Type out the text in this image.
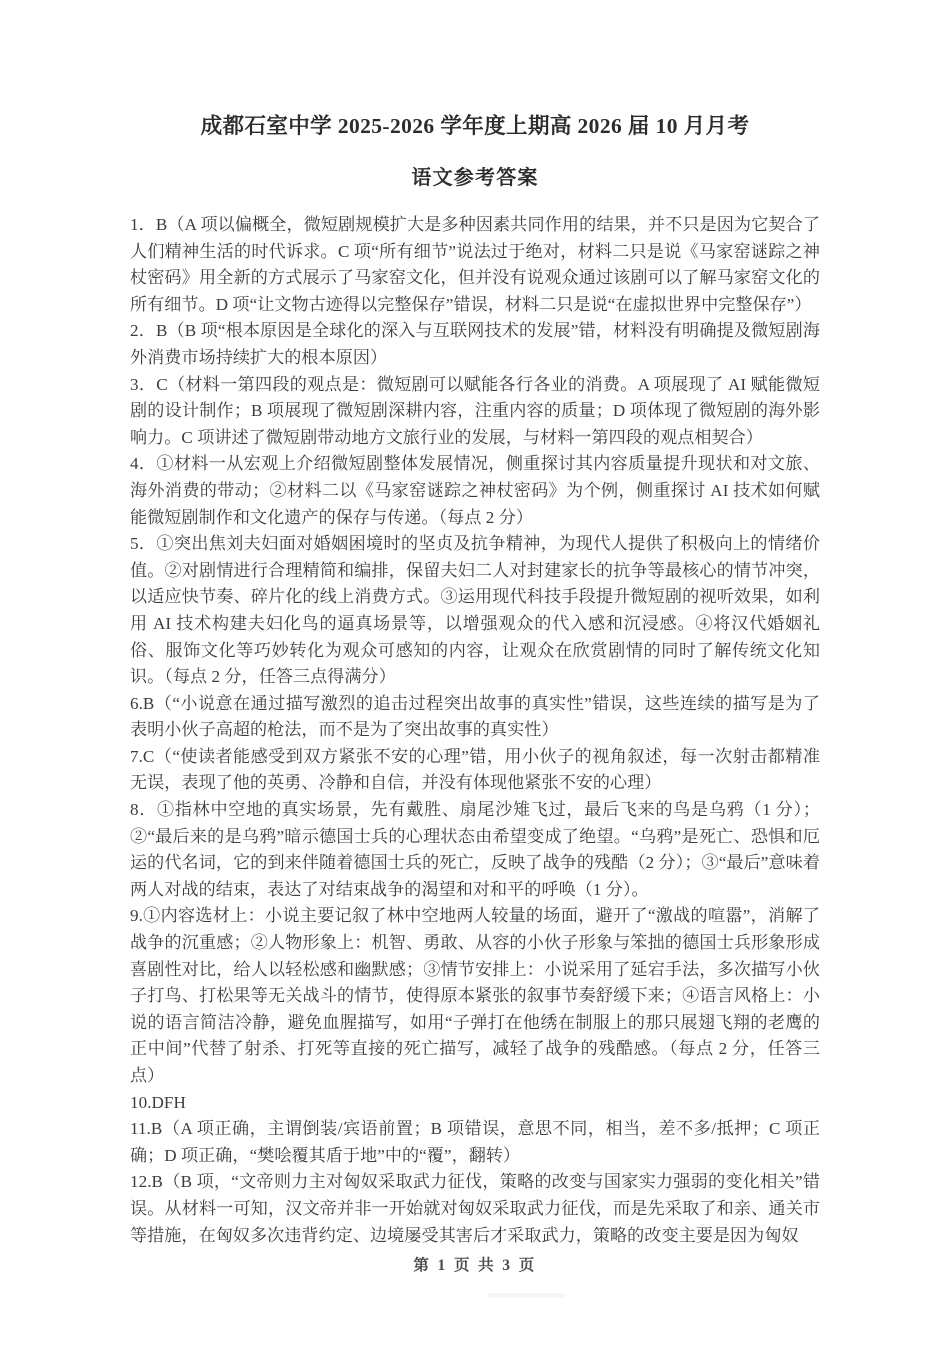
成都石室中学 2025-2026 学年度上期高 2026 届 10 月月考
语文参考答案

1．B（A 项以偏概全，微短剧规模扩大是多种因素共同作用的结果，并不只是因为它契合了人们精神生活的时代诉求。C 项“所有细节”说法过于绝对，材料二只是说《马家窑谜踪之神杖密码》用全新的方式展示了马家窑文化，但并没有说观众通过该剧可以了解马家窑文化的所有细节。D 项“让文物古迹得以完整保存”错误，材料二只是说“在虚拟世界中完整保存”）

2．B（B 项“根本原因是全球化的深入与互联网技术的发展”错，材料没有明确提及微短剧海外消费市场持续扩大的根本原因）

3．C（材料一第四段的观点是：微短剧可以赋能各行各业的消费。A 项展现了 AI 赋能微短剧的设计制作；B 项展现了微短剧深耕内容，注重内容的质量；D 项体现了微短剧的海外影响力。C 项讲述了微短剧带动地方文旅行业的发展，与材料一第四段的观点相契合）

4．①材料一从宏观上介绍微短剧整体发展情况，侧重探讨其内容质量提升现状和对文旅、海外消费的带动；②材料二以《马家窑谜踪之神杖密码》为个例，侧重探讨 AI 技术如何赋能微短剧制作和文化遗产的保存与传递。（每点 2 分）

5．①突出焦刘夫妇面对婚姻困境时的坚贞及抗争精神，为现代人提供了积极向上的情绪价值。②对剧情进行合理精简和编排，保留夫妇二人对封建家长的抗争等最核心的情节冲突，以适应快节奏、碎片化的线上消费方式。③运用现代科技手段提升微短剧的视听效果，如利用 AI 技术构建夫妇化鸟的逼真场景等，以增强观众的代入感和沉浸感。④将汉代婚姻礼俗、服饰文化等巧妙转化为观众可感知的内容，让观众在欣赏剧情的同时了解传统文化知识。（每点 2 分，任答三点得满分）

6.B（“小说意在通过描写激烈的追击过程突出故事的真实性”错误，这些连续的描写是为了表明小伙子高超的枪法，而不是为了突出故事的真实性）

7.C（“使读者能感受到双方紧张不安的心理”错，用小伙子的视角叙述，每一次射击都精准无误，表现了他的英勇、冷静和自信，并没有体现他紧张不安的心理）

8．①指林中空地的真实场景，先有戴胜、扇尾沙雉飞过，最后飞来的鸟是乌鸦（1 分）；②“最后来的是乌鸦”暗示德国士兵的心理状态由希望变成了绝望。“乌鸦”是死亡、恐惧和厄运的代名词，它的到来伴随着德国士兵的死亡，反映了战争的残酷（2 分）；③“最后”意味着两人对战的结束，表达了对结束战争的渴望和对和平的呼唤（1 分）。

9.①内容选材上：小说主要记叙了林中空地两人较量的场面，避开了“激战的喧嚣”，消解了战争的沉重感；②人物形象上：机智、勇敢、从容的小伙子形象与笨拙的德国士兵形象形成喜剧性对比，给人以轻松感和幽默感；③情节安排上：小说采用了延宕手法，多次描写小伙子打鸟、打松果等无关战斗的情节，使得原本紧张的叙事节奏舒缓下来；④语言风格上：小说的语言简洁冷静，避免血腥描写，如用“子弹打在他绣在制服上的那只展翅飞翔的老鹰的正中间”代替了射杀、打死等直接的死亡描写，减轻了战争的残酷感。（每点 2 分，任答三点）

10.DFH

11.B（A 项正确，主谓倒装/宾语前置；B 项错误，意思不同，相当，差不多/抵押；C 项正确；D 项正确，“樊哙覆其盾于地”中的“覆”，翻转）

12.B（B 项，“文帝则力主对匈奴采取武力征伐，策略的改变与国家实力强弱的变化相关”错误。从材料一可知，汉文帝并非一开始就对匈奴采取武力征伐，而是先采取了和亲、通关市等措施，在匈奴多次违背约定、边境屡受其害后才采取武力，策略的改变主要是因为匈奴

第 1 页 共 3 页
